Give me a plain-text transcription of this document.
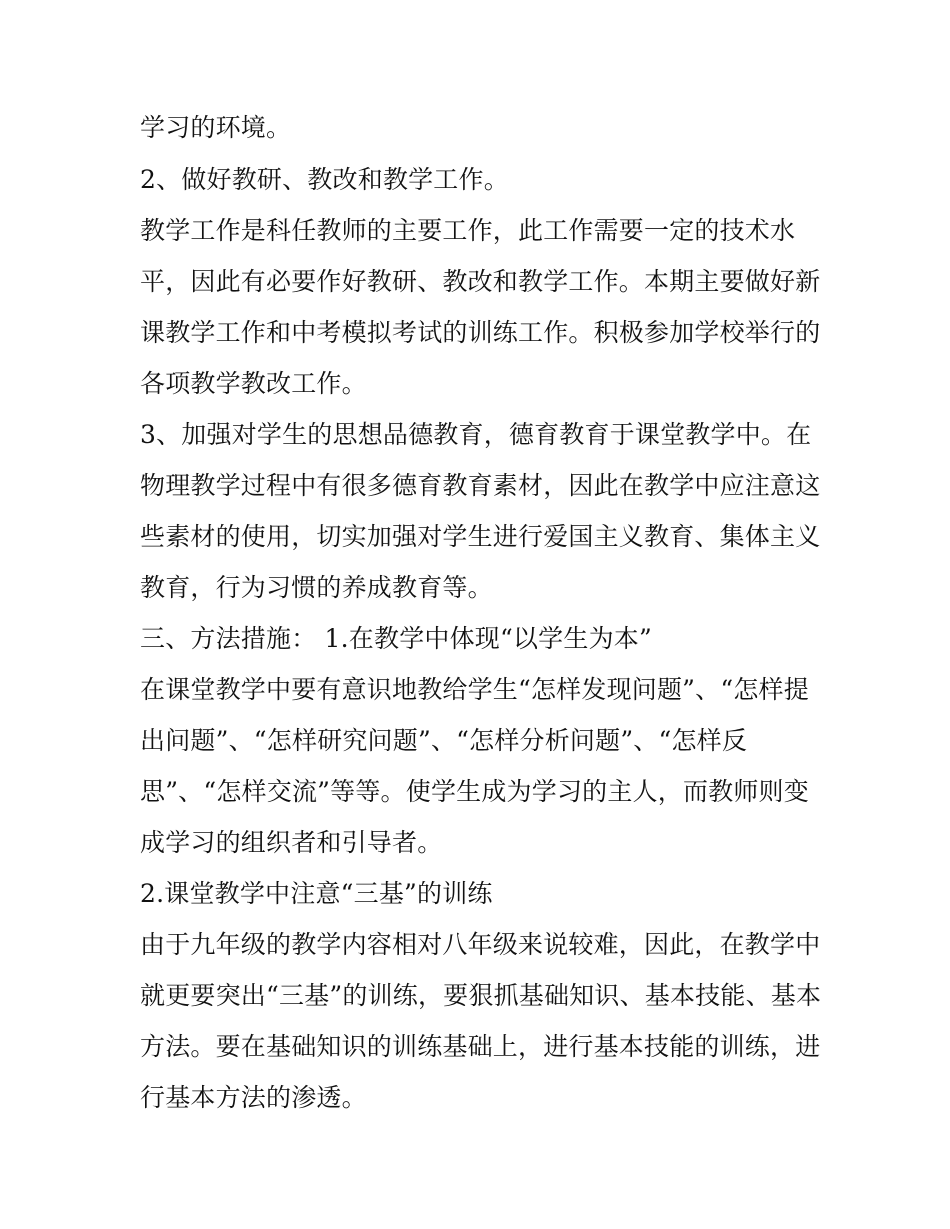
学习的环境。
2、做好教研、教改和教学工作。
教学工作是科任教师的主要工作，此工作需要一定的技术水
平，因此有必要作好教研、教改和教学工作。本期主要做好新
课教学工作和中考模拟考试的训练工作。积极参加学校举行的
各项教学教改工作。
3、加强对学生的思想品德教育，德育教育于课堂教学中。在
物理教学过程中有很多德育教育素材，因此在教学中应注意这
些素材的使用，切实加强对学生进行爱国主义教育、集体主义
教育，行为习惯的养成教育等。
三、方法措施： 1.在教学中体现“以学生为本”
在课堂教学中要有意识地教给学生“怎样发现问题”、“怎样提
出问题”、“怎样研究问题”、“怎样分析问题”、“怎样反
思”、“怎样交流”等等。使学生成为学习的主人，而教师则变
成学习的组织者和引导者。
2.课堂教学中注意“三基”的训练
由于九年级的教学内容相对八年级来说较难，因此，在教学中
就更要突出“三基”的训练，要狠抓基础知识、基本技能、基本
方法。要在基础知识的训练基础上，进行基本技能的训练，进
行基本方法的渗透。
